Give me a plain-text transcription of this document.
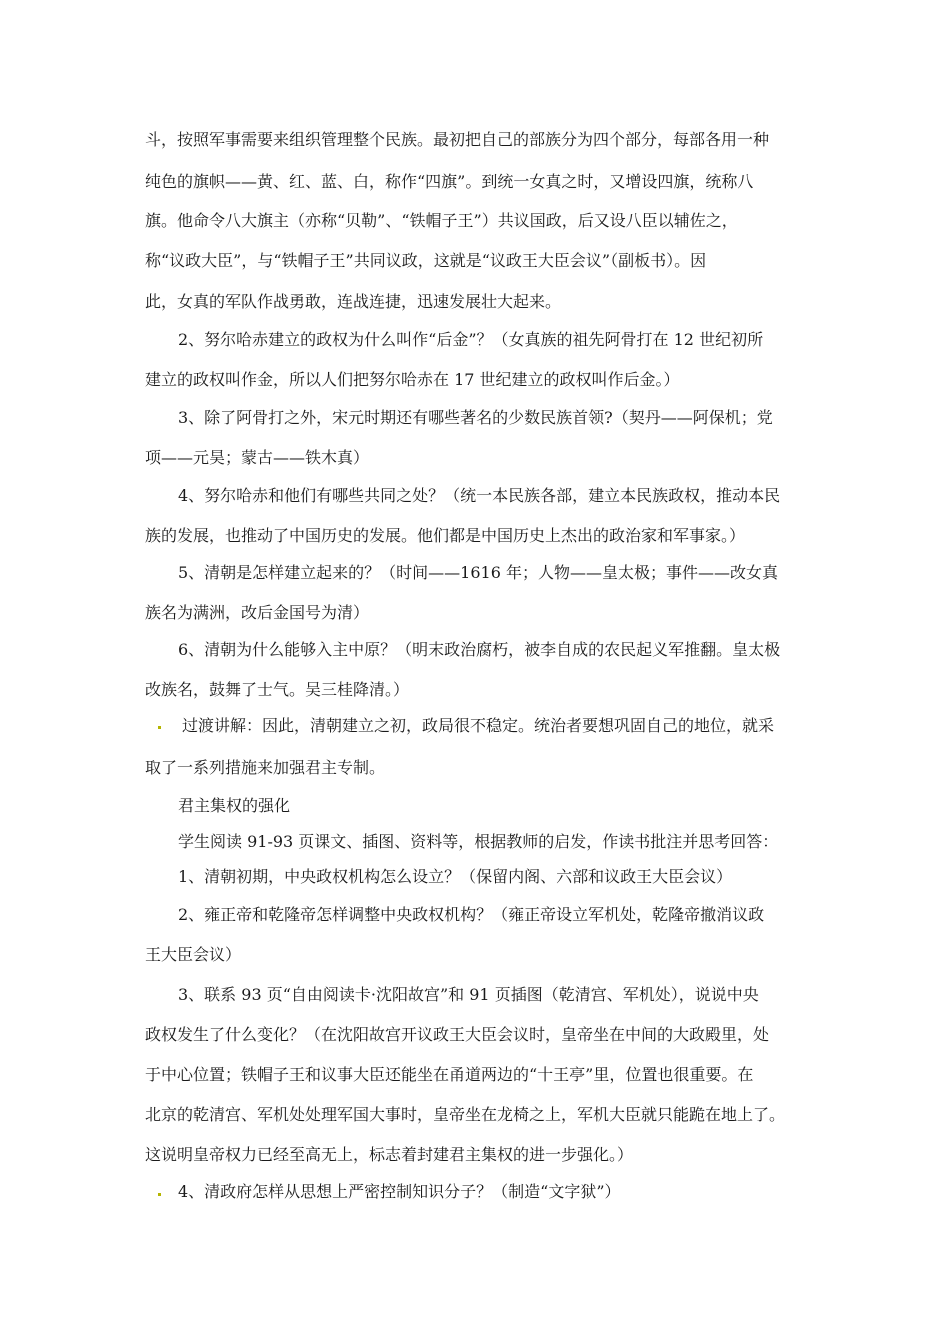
斗，按照军事需要来组织管理整个民族。最初把自己的部族分为四个部分，每部各用一种
纯色的旗帜——黄、红、蓝、白，称作“四旗”。到统一女真之时，又增设四旗，统称八
旗。他命令八大旗主（亦称“贝勒”、“铁帽子王”）共议国政，后又设八臣以辅佐之，
称“议政大臣”，与“铁帽子王”共同议政，这就是“议政王大臣会议”（副板书）。因
此，女真的军队作战勇敢，连战连捷，迅速发展壮大起来。
2、努尔哈赤建立的政权为什么叫作“后金”？（女真族的祖先阿骨打在 12 世纪初所
建立的政权叫作金，所以人们把努尔哈赤在 17 世纪建立的政权叫作后金。）
3、除了阿骨打之外，宋元时期还有哪些著名的少数民族首领?（契丹——阿保机；党
项——元昊；蒙古——铁木真）
4、努尔哈赤和他们有哪些共同之处？（统一本民族各部，建立本民族政权，推动本民
族的发展，也推动了中国历史的发展。他们都是中国历史上杰出的政治家和军事家。）
5、清朝是怎样建立起来的？（时间——1616 年；人物——皇太极；事件——改女真
族名为满洲，改后金国号为清）
6、清朝为什么能够入主中原？（明末政治腐朽，被李自成的农民起义军推翻。皇太极
改族名，鼓舞了士气。吴三桂降清。）
过渡讲解：因此，清朝建立之初，政局很不稳定。统治者要想巩固自己的地位，就采
取了一系列措施来加强君主专制。
君主集权的强化
学生阅读 91-93 页课文、插图、资料等，根据教师的启发，作读书批注并思考回答：
1、清朝初期，中央政权机构怎么设立？（保留内阁、六部和议政王大臣会议）
2、雍正帝和乾隆帝怎样调整中央政权机构？（雍正帝设立军机处，乾隆帝撤消议政
王大臣会议）
3、联系 93 页“自由阅读卡·沈阳故宫”和 91 页插图（乾清宫、军机处），说说中央
政权发生了什么变化？（在沈阳故宫开议政王大臣会议时，皇帝坐在中间的大政殿里，处
于中心位置；铁帽子王和议事大臣还能坐在甬道两边的“十王亭”里，位置也很重要。在
北京的乾清宫、军机处处理军国大事时，皇帝坐在龙椅之上，军机大臣就只能跪在地上了。
这说明皇帝权力已经至高无上，标志着封建君主集权的进一步强化。）
4、清政府怎样从思想上严密控制知识分子？（制造“文字狱”）
